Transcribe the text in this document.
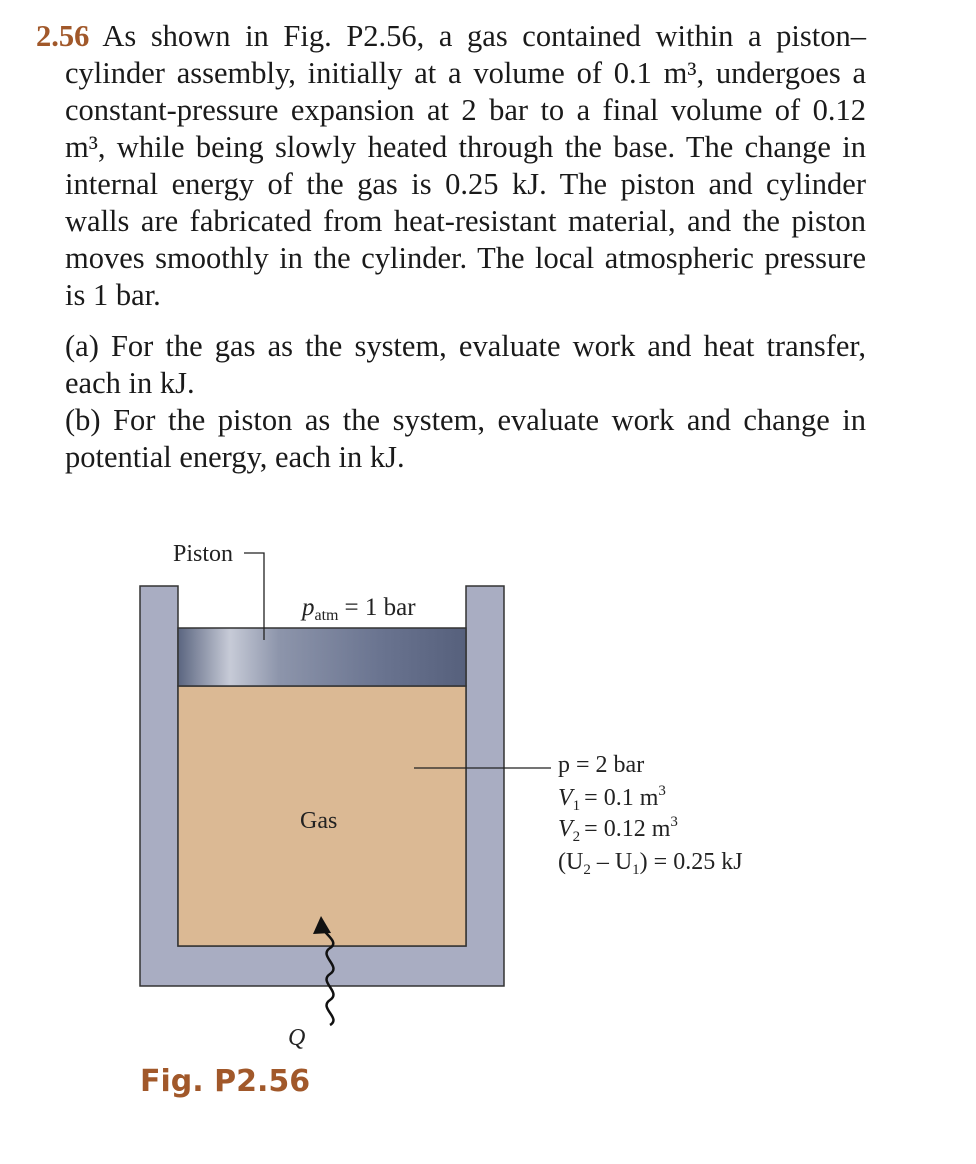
2.56 As shown in Fig. P2.56, a gas contained within a piston–cylinder assembly, initially at a volume of 0.1 m³, undergoes a constant-pressure expansion at 2 bar to a final volume of 0.12 m³, while being slowly heated through the base. The change in internal energy of the gas is 0.25 kJ. The piston and cylinder walls are fabricated from heat-resistant material, and the piston moves smoothly in the cylinder. The local atmospheric pressure is 1 bar.

(a) For the gas as the system, evaluate work and heat transfer, each in kJ.

(b) For the piston as the system, evaluate work and change in potential energy, each in kJ.

Piston
$p_{atm} = 1$ bar
Gas
p = 2 bar
$V_1 = 0.1$ $m^3$
$V_2 = 0.12$ $m^3$
$(U_2 - U_1) = 0.25$ kJ
Q

Fig. P2.56
